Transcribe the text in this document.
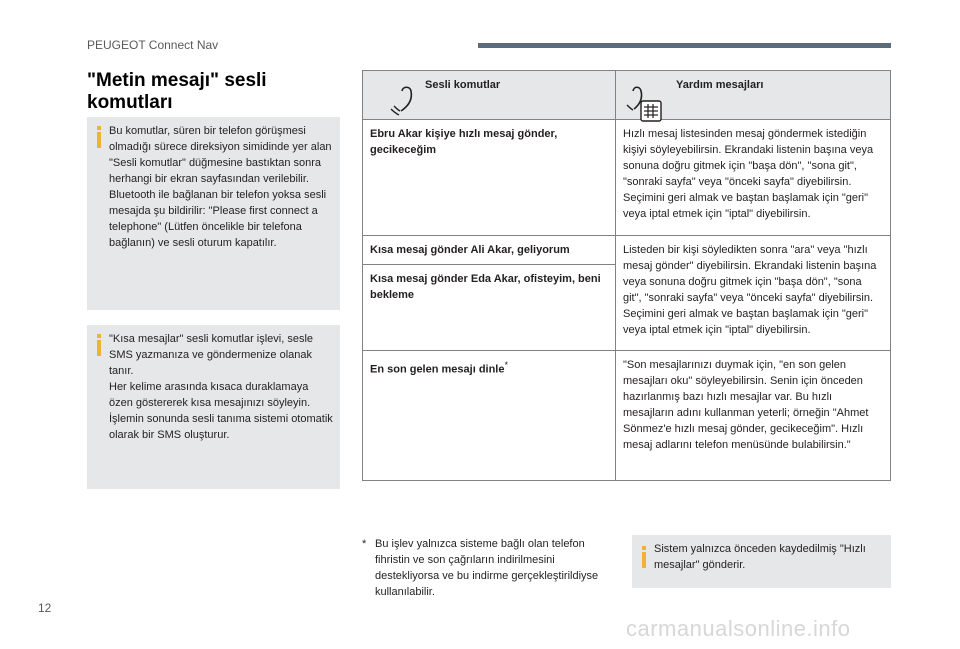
PEUGEOT Connect Nav
"Metin mesajı" sesli komutları

Bu komutlar, süren bir telefon görüşmesi olmadığı sürece direksiyon simidinde yer alan "Sesli komutlar" düğmesine bastıktan sonra herhangi bir ekran sayfasından verilebilir.
Bluetooth ile bağlanan bir telefon yoksa sesli mesajda şu bildirilir: "Please first connect a telephone" (Lütfen öncelikle bir telefona bağlanın) ve sesli oturum kapatılır.

"Kısa mesajlar" sesli komutlar işlevi, sesle SMS yazmanıza ve göndermenize olanak tanır.
Her kelime arasında kısaca duraklamaya özen göstererek kısa mesajınızı söyleyin.
İşlemin sonunda sesli tanıma sistemi otomatik olarak bir SMS oluşturur.

Sesli komutlar	Yardım mesajları

Ebru Akar kişiye hızlı mesaj gönder, gecikeceğim	Hızlı mesaj listesinden mesaj göndermek istediğin kişiyi söyleyebilirsin. Ekrandaki listenin başına veya sonuna doğru gitmek için "başa dön", "sona git", "sonraki sayfa" veya "önceki sayfa" diyebilirsin. Seçimini geri almak ve baştan başlamak için "geri" veya iptal etmek için "iptal" diyebilirsin.
Kısa mesaj gönder Ali Akar, geliyorum	Listeden bir kişi söyledikten sonra "ara" veya "hızlı mesaj gönder" diyebilirsin. Ekrandaki listenin başına veya sonuna doğru gitmek için "başa dön", "sona git", "sonraki sayfa" veya "önceki sayfa" diyebilirsin. Seçimini geri almak ve baştan başlamak için "geri" veya iptal etmek için "iptal" diyebilirsin.
Kısa mesaj gönder Eda Akar, ofisteyim, beni bekleme	
En son gelen mesajı dinle*	"Son mesajlarınızı duymak için, "en son gelen mesajları oku" söyleyebilirsin. Senin için önceden hazırlanmış bazı hızlı mesajlar var. Bu hızlı mesajların adını kullanman yeterli; örneğin "Ahmet Sönmez'e hızlı mesaj gönder, gecikeceğim". Hızlı mesaj adlarını telefon menüsünde bulabilirsin."
* Bu işlev yalnızca sisteme bağlı olan telefon fihristin ve son çağrıların indirilmesini destekliyorsa ve bu indirme gerçekleştirildiyse kullanılabilir.

Sistem yalnızca önceden kaydedilmiş "Hızlı mesajlar" gönderir.

12
carmanualsonline.info
